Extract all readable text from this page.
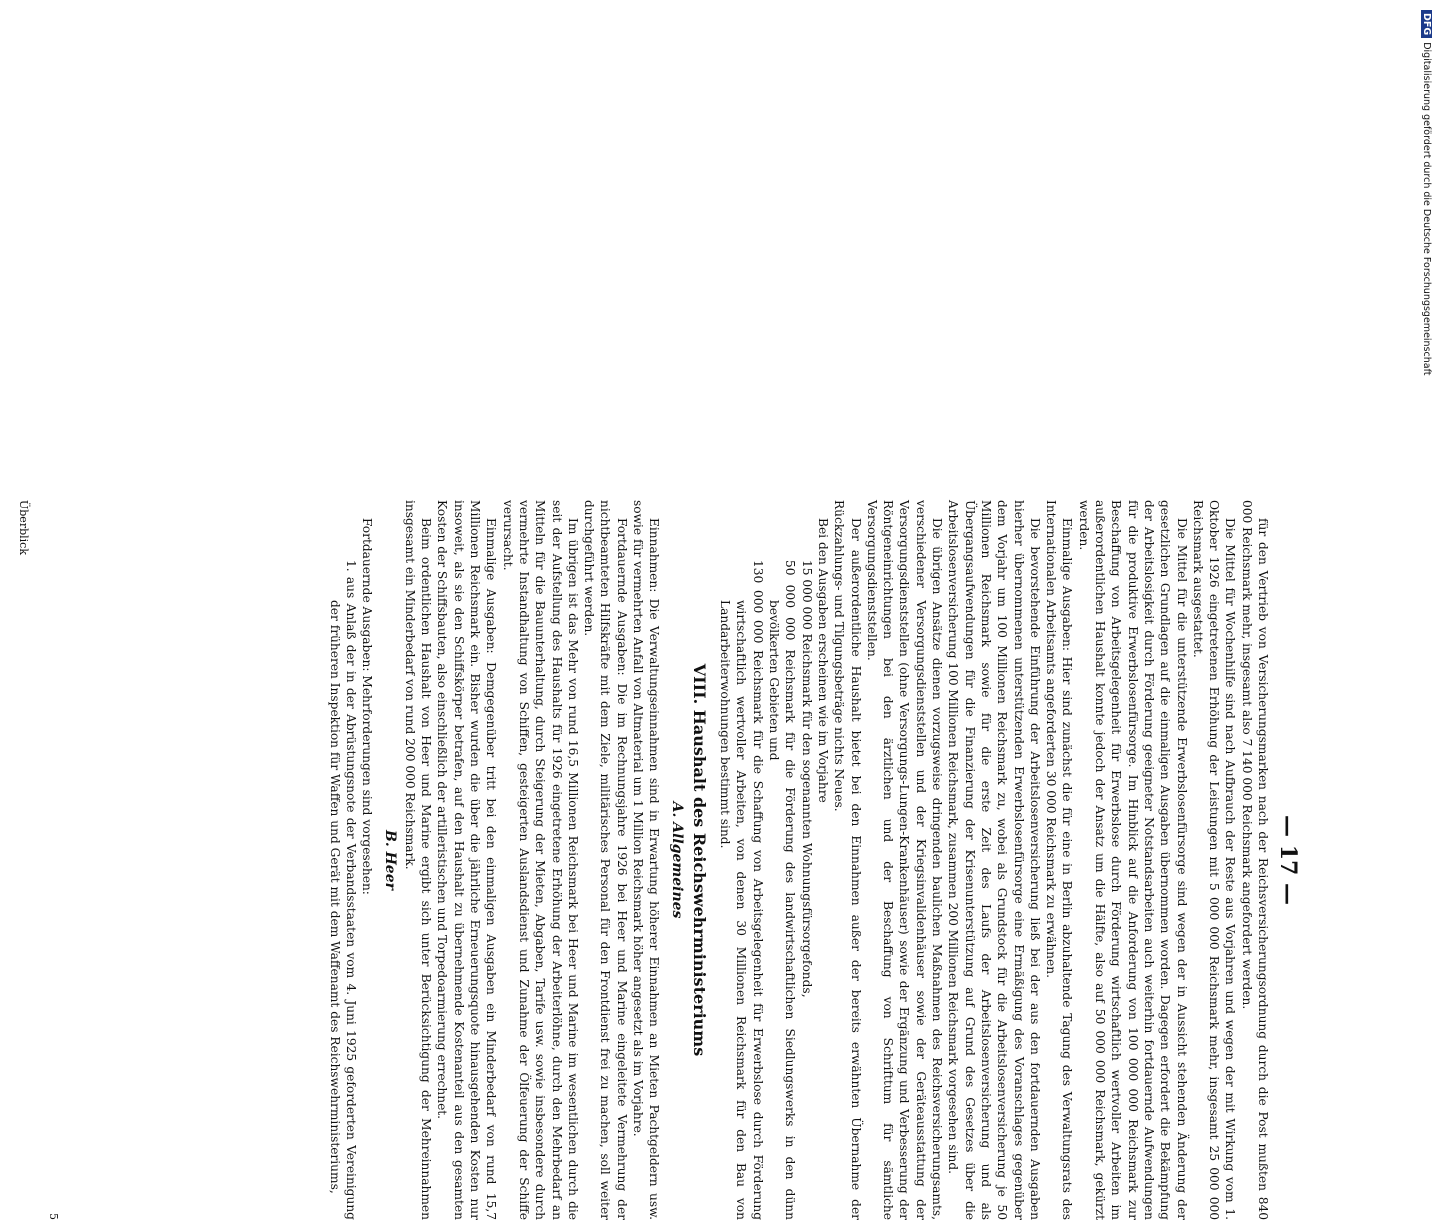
— 17 —

für den Vertrieb von Versicherungsmarken nach der Reichsversicherungsordnung durch die Post mußten 840 000 Reichsmark mehr, insgesamt also 7 140 000 Reichsmark angefordert werden.

Die Mittel für Wochenhilfe sind nach Aufbrauch der Reste aus Vorjahren und wegen der mit Wirkung vom 1. Oktober 1926 eingetretenen Erhöhung der Leistungen mit 5 000 000 Reichsmark mehr, insgesamt 25 000 000 Reichsmark ausgestattet.

Die Mittel für die unterstützende Erwerbslosenfürsorge sind wegen der in Aussicht stehenden Änderung der gesetzlichen Grundlagen auf die einmaligen Ausgaben übernommen worden. Dagegen erfordert die Bekämpfung der Arbeitslosigkeit durch Förderung geeigneter Notstandsarbeiten auch weiterhin fortdauernde Aufwendungen für die produktive Erwerbslosenfürsorge. Im Hinblick auf die Anforderung von 100 000 000 Reichsmark zur Beschaffung von Arbeitsgelegenheit für Erwerbslose durch Förderung wirtschaftlich wertvoller Arbeiten im außerordentlichen Haushalt konnte jedoch der Ansatz um die Hälfte, also auf 50 000 000 Reichsmark, gekürzt werden.

Einmalige Ausgaben: Hier sind zunächst die für eine in Berlin abzuhaltende Tagung des Verwaltungsrats des Internationalen Arbeitsamts angeforderten 30 000 Reichsmark zu erwähnen.

Die bevorstehende Einführung der Arbeitslosenversicherung ließ bei der aus den fortdauernden Ausgaben hierher übernommenen unterstützenden Erwerbslosenfürsorge eine Ermäßigung des Voranschlages gegenüber dem Vorjahr um 100 Millionen Reichsmark zu, wobei als Grundstock für die Arbeitslosenversicherung je 50 Millionen Reichsmark sowie für die erste Zeit des Laufs der Arbeitslosenversicherung und als Übergangsaufwendungen für die Finanzierung der Krisenunterstützung auf Grund des Gesetzes über die Arbeitslosenversicherung 100 Millionen Reichsmark, zusammen 200 Millionen Reichsmark vorgesehen sind.

Die übrigen Ansätze dienen vorzugsweise dringenden baulichen Maßnahmen des Reichsversicherungsamts, verschiedener Versorgungsdienststellen und der Kriegsinvalidenhäuser sowie der Geräteausstattung der Versorgungsdienststellen (ohne Versorgungs-Lungen-Krankenhäuser) sowie der Ergänzung und Verbesserung der Röntgeneinrichtungen bei den ärztlichen und der Beschaffung von Schrifttum für sämtliche Versorgungsdienststellen.

Der außerordentliche Haushalt bietet bei den Einnahmen außer der bereits erwähnten Übernahme der Rückzahlungs- und Tilgungsbeträge nichts Neues.

Bei den Ausgaben erscheinen wie im Vorjahre

15 000 000 Reichsmark für den sogenannten Wohnungsfürsorgefonds,
50 000 000 Reichsmark für die Förderung des landwirtschaftlichen Siedlungswerks in den dünn bevölkerten Gebieten und
130 000 000 Reichsmark für die Schaffung von Arbeitsgelegenheit für Erwerbslose durch Förderung wirtschaftlich wertvoller Arbeiten, von denen 30 Millionen Reichsmark für den Bau von Landarbeiterwohnungen bestimmt sind.
VIII. Haushalt des Reichswehrministeriums
A. Allgemeines

Einnahmen: Die Verwaltungseinnahmen sind in Erwartung höherer Einnahmen an Mieten Pachtgeldern usw. sowie für vermehrten Anfall von Altmaterial um 1 Million Reichsmark höher angesetzt als im Vorjahre.

Fortdauernde Ausgaben: Die im Rechnungsjahre 1926 bei Heer und Marine eingeleitete Vermehrung der nichtbeamteten Hilfskräfte mit dem Ziele, militärisches Personal für den Frontdienst frei zu machen, soll weiter durchgeführt werden.

Im übrigen ist das Mehr von rund 16,5 Millionen Reichsmark bei Heer und Marine im wesentlichen durch die seit der Aufstellung des Haushalts für 1926 eingetretene Erhöhung der Arbeiterlöhne, durch den Mehrbedarf an Mitteln für die Bauunterhaltung, durch Steigerung der Mieten, Abgaben, Tarife usw. sowie insbesondere durch vermehrte Instandhaltung von Schiffen, gesteigerten Auslandsdienst und Zunahme der Ölfeuerung der Schiffe verursacht.

Einmalige Ausgaben: Demgegenüber tritt bei den einmaligen Ausgaben ein Minderbedarf von rund 15,7 Millionen Reichsmark ein. Bisher wurden die über die jährliche Erneuerungsquote hinausgehenden Kosten nur insoweit, als sie den Schiffskörper betrafen, auf den Haushalt zu übernehmende Kostenanteil aus den gesamten Kosten der Schiffsbauten, also einschließlich der artilleristischen und Torpedoarmierung errechnet.

Beim ordentlichen Haushalt von Heer und Marine ergibt sich unter Berücksichtigung der Mehreinnahmen insgesamt ein Minderbedarf von rund 200 000 Reichsmark.

B. Heer

Fortdauernde Ausgaben: Mehrforderungen sind vorgesehen:

1. aus Anlaß der in der Abrüstungsnote der Verbandsstaaten vom 4. Juni 1925 geforderten Vereinigung der früheren Inspektion für Waffen und Gerät mit dem Waffenamt des Reichswehrministeriums,
Überblick
5
DFGDigitalisierung gefördert durch die Deutsche Forschungsgemeinschaft
